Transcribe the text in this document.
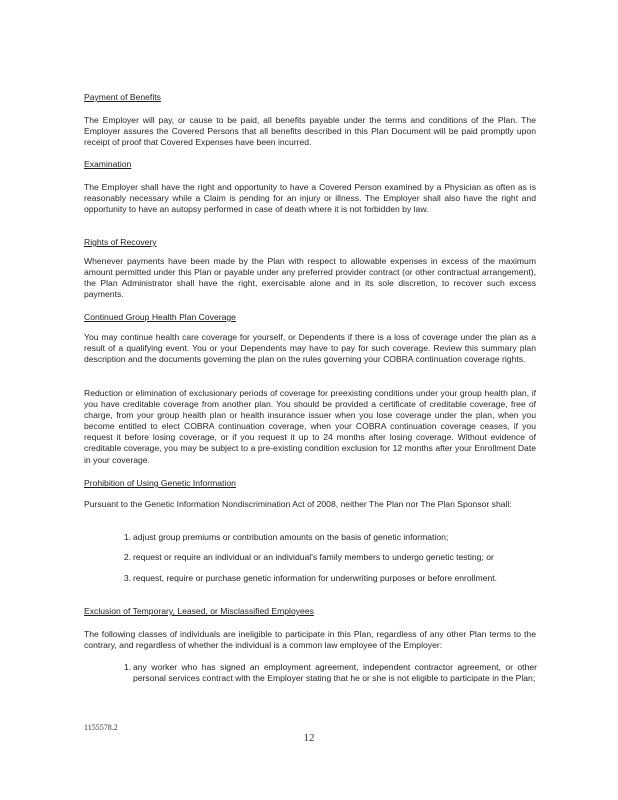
Payment of Benefits

The Employer will pay, or cause to be paid, all benefits payable under the terms and conditions of the Plan. The Employer assures the Covered Persons that all benefits described in this Plan Document will be paid promptly upon receipt of proof that Covered Expenses have been incurred.

Examination

The Employer shall have the right and opportunity to have a Covered Person examined by a Physician as often as is reasonably necessary while a Claim is pending for an injury or illness. The Employer shall also have the right and opportunity to have an autopsy performed in case of death where it is not forbidden by law.

Rights of Recovery

Whenever payments have been made by the Plan with respect to allowable expenses in excess of the maximum amount permitted under this Plan or payable under any preferred provider contract (or other contractual arrangement), the Plan Administrator shall have the right, exercisable alone and in its sole discretion, to recover such excess payments.

Continued Group Health Plan Coverage

You may continue health care coverage for yourself, or Dependents if there is a loss of coverage under the plan as a result of a qualifying event. You or your Dependents may have to pay for such coverage. Review this summary plan description and the documents governing the plan on the rules governing your COBRA continuation coverage rights.

Reduction or elimination of exclusionary periods of coverage for preexisting conditions under your group health plan, if you have creditable coverage from another plan. You should be provided a certificate of creditable coverage, free of charge, from your group health plan or health insurance issuer when you lose coverage under the plan, when you become entitled to elect COBRA continuation coverage, when your COBRA continuation coverage ceases, if you request it before losing coverage, or if you request it up to 24 months after losing coverage. Without evidence of creditable coverage, you may be subject to a pre-existing condition exclusion for 12 months after your Enrollment Date in your coverage.

Prohibition of Using Genetic Information

Pursuant to the Genetic Information Nondiscrimination Act of 2008, neither The Plan nor The Plan Sponsor shall:

1. adjust group premiums or contribution amounts on the basis of genetic information;

2. request or require an individual or an individual's family members to undergo genetic testing; or

3. request, require or purchase genetic information for underwriting purposes or before enrollment.

Exclusion of Temporary, Leased, or Misclassified Employees

The following classes of individuals are ineligible to participate in this Plan, regardless of any other Plan terms to the contrary, and regardless of whether the individual is a common law employee of the Employer:

1. any worker who has signed an employment agreement, independent contractor agreement, or other personal services contract with the Employer stating that he or she is not eligible to participate in the Plan;

1155578.2
12
